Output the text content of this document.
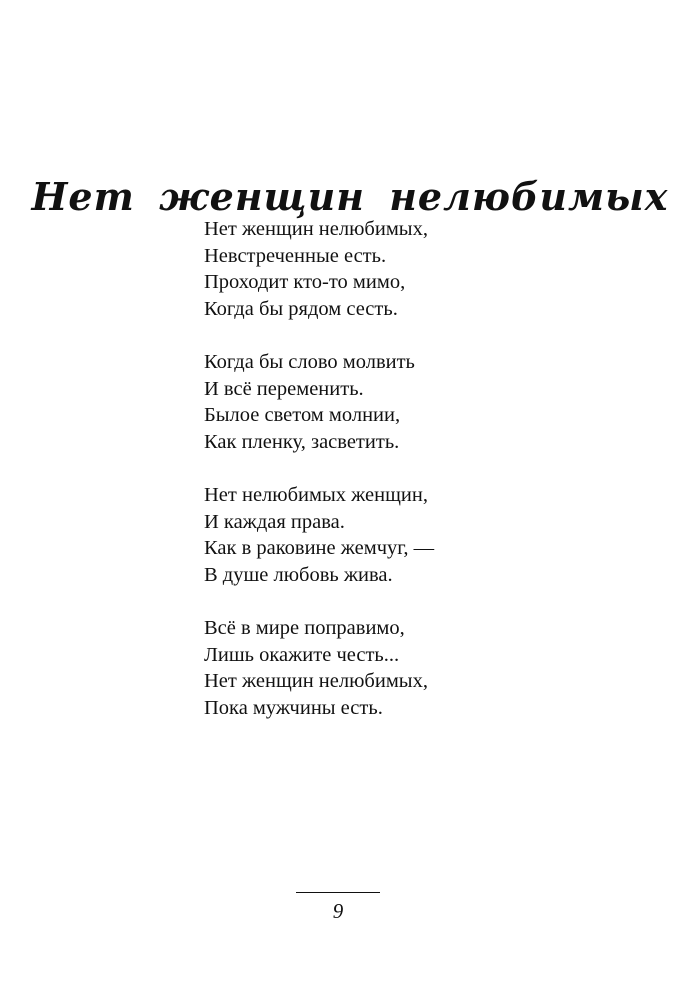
Нет женщин нелюбимых
Нет женщин нелюбимых,
Невстреченные есть.
Проходит кто-то мимо,
Когда бы рядом сесть.
Когда бы слово молвить
И всё переменить.
Былое светом молнии,
Как пленку, засветить.
Нет нелюбимых женщин,
И каждая права.
Как в раковине жемчуг, —
В душе любовь жива.
Всё в мире поправимо,
Лишь окажите честь...
Нет женщин нелюбимых,
Пока мужчины есть.
9
